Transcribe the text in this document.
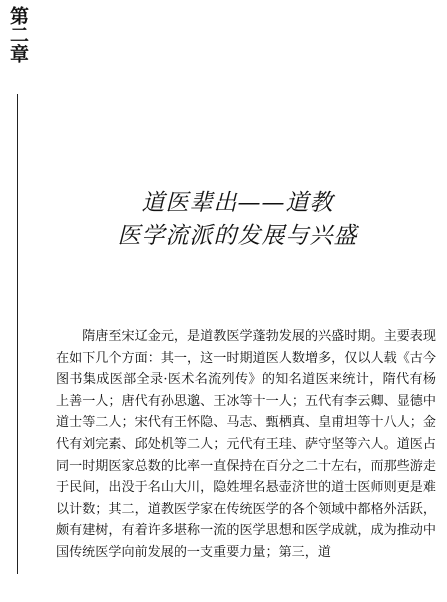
第二章
道医辈出——道教
医学流派的发展与兴盛
隋唐至宋辽金元，是道教医学蓬勃发展的兴盛时期。主要表现在如下几个方面：其一，这一时期道医人数增多，仅以人载《古今图书集成医部全录·医术名流列传》的知名道医来统计，隋代有杨上善一人；唐代有孙思邈、王冰等十一人；五代有李云卿、显德中道士等二人；宋代有王怀隐、马志、甄栖真、皇甫坦等十八人；金代有刘完素、邱处机等二人；元代有王珪、萨守坚等六人。道医占同一时期医家总数的比率一直保持在百分之二十左右，而那些游走于民间，出没于名山大川，隐姓埋名悬壶济世的道士医师则更是难以计数；其二，道教医学家在传统医学的各个领域中都格外活跃，颇有建树，有着许多堪称一流的医学思想和医学成就，成为推动中国传统医学向前发展的一支重要力量；第三，道
